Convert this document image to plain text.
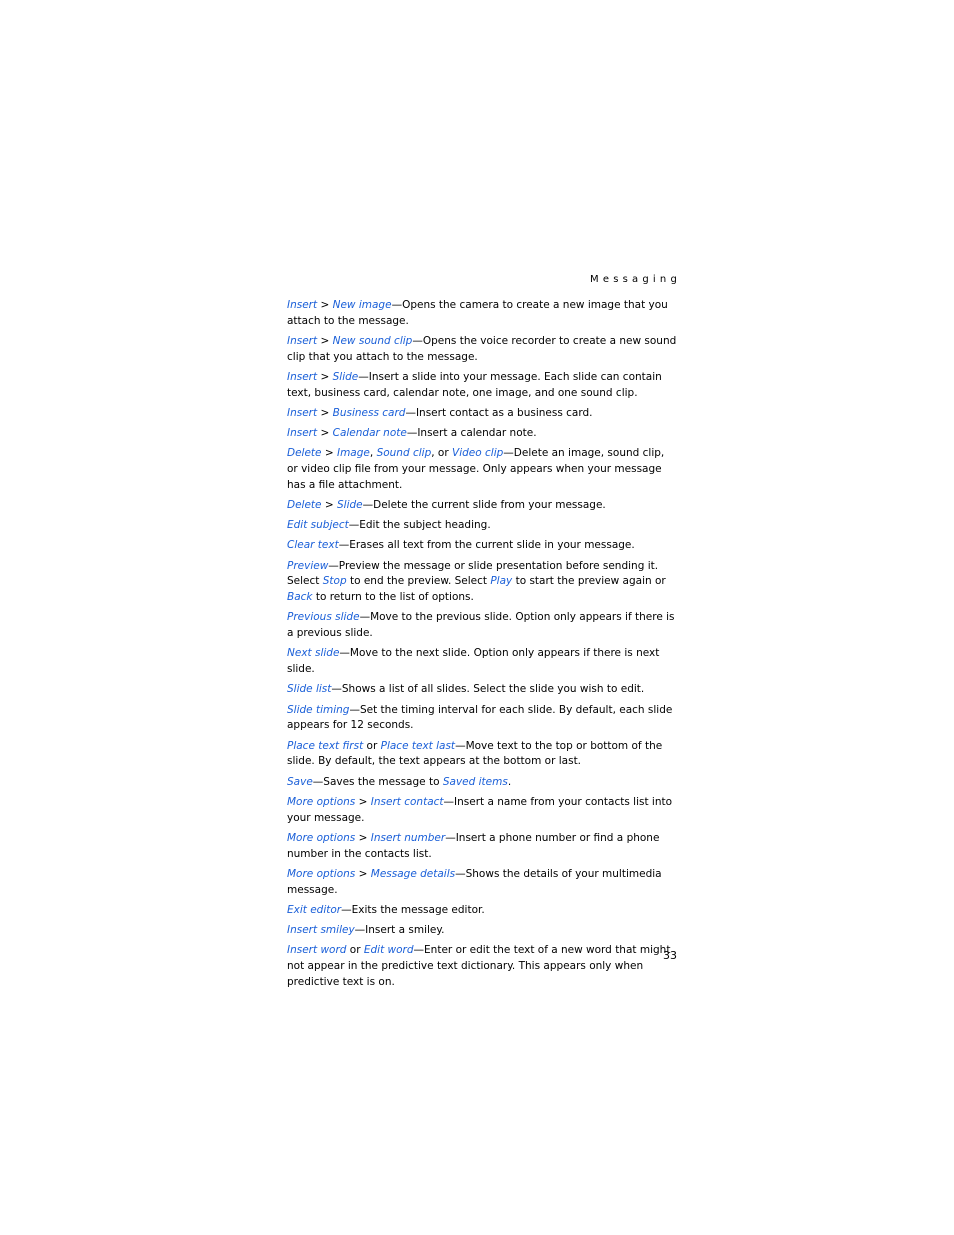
Messaging

Insert > New image—Opens the camera to create a new image that you attach to the message.

Insert > New sound clip—Opens the voice recorder to create a new sound clip that you attach to the message.

Insert > Slide—Insert a slide into your message. Each slide can contain text, business card, calendar note, one image, and one sound clip.

Insert > Business card—Insert contact as a business card.

Insert > Calendar note—Insert a calendar note.

Delete > Image, Sound clip, or Video clip—Delete an image, sound clip, or video clip file from your message. Only appears when your message has a file attachment.

Delete > Slide—Delete the current slide from your message.

Edit subject—Edit the subject heading.

Clear text—Erases all text from the current slide in your message.

Preview—Preview the message or slide presentation before sending it. Select Stop to end the preview. Select Play to start the preview again or Back to return to the list of options.

Previous slide—Move to the previous slide. Option only appears if there is a previous slide.

Next slide—Move to the next slide. Option only appears if there is next slide.

Slide list—Shows a list of all slides. Select the slide you wish to edit.

Slide timing—Set the timing interval for each slide. By default, each slide appears for 12 seconds.

Place text first or Place text last—Move text to the top or bottom of the slide. By default, the text appears at the bottom or last.

Save—Saves the message to Saved items.

More options > Insert contact—Insert a name from your contacts list into your message.

More options > Insert number—Insert a phone number or find a phone number in the contacts list.

More options > Message details—Shows the details of your multimedia message.

Exit editor—Exits the message editor.

Insert smiley—Insert a smiley.

Insert word or Edit word—Enter or edit the text of a new word that might not appear in the predictive text dictionary. This appears only when predictive text is on.

33
